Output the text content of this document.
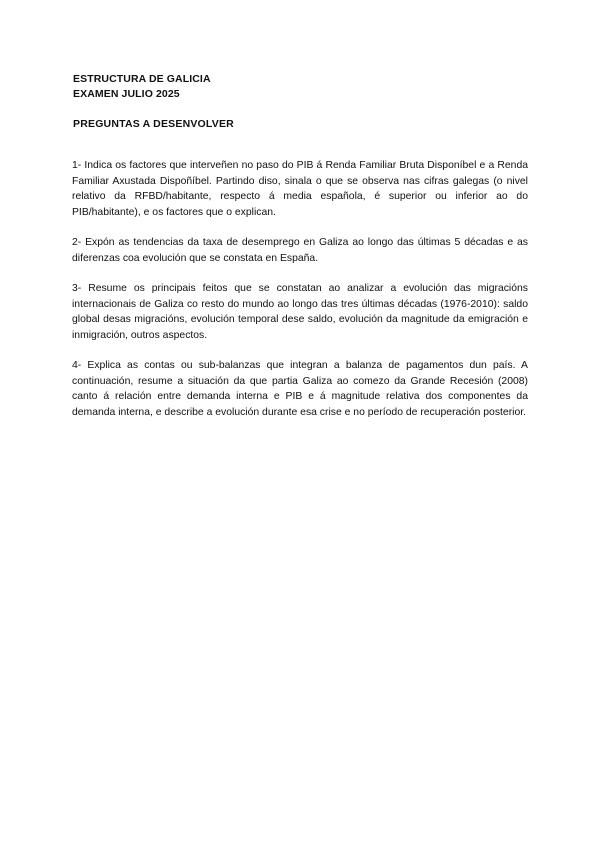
ESTRUCTURA DE GALICIA
EXAMEN JULIO 2025
PREGUNTAS A DESENVOLVER

1- Indica os factores que interveñen no paso do PIB á Renda Familiar Bruta Disponíbel e a Renda Familiar Axustada Dispoñíbel. Partindo diso, sinala o que se observa nas cifras galegas (o nivel relativo da RFBD/habitante, respecto á media española, é superior ou inferior ao do PIB/habitante), e os factores que o explican.

2- Expón as tendencias da taxa de desemprego en Galiza ao longo das últimas 5 décadas e as diferenzas coa evolución que se constata en España.

3- Resume os principais feitos que se constatan ao analizar a evolución das migracións internacionais de Galiza co resto do mundo ao longo das tres últimas décadas (1976-2010): saldo global desas migracións, evolución temporal dese saldo, evolución da magnitude da emigración e inmigración, outros aspectos.

4- Explica as contas ou sub-balanzas que integran a balanza de pagamentos dun país. A continuación, resume a situación da que partia Galiza ao comezo da Grande Recesión (2008) canto á relación entre demanda interna e PIB e á magnitude relativa dos componentes da demanda interna, e describe a evolución durante esa crise e no período de recuperación posterior.
